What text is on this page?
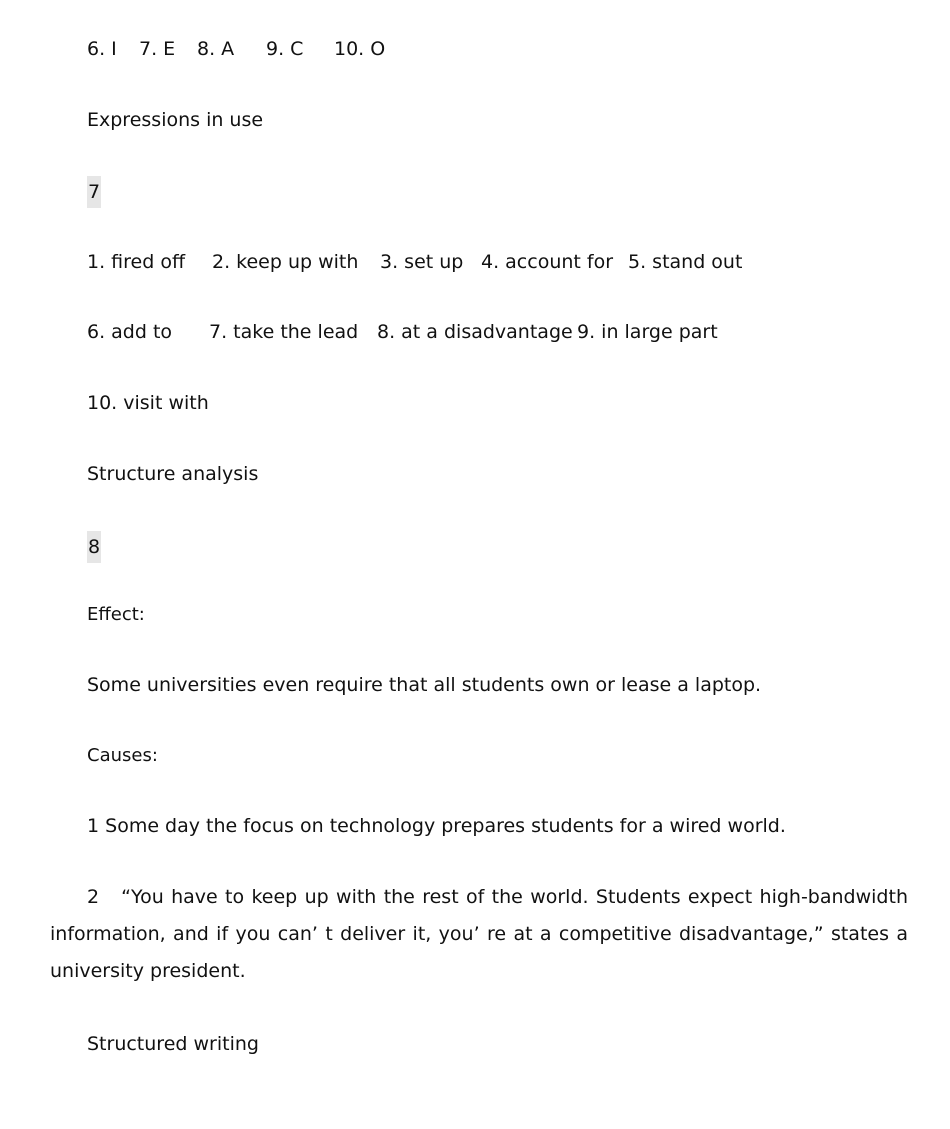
6. I 7. E 8. A 9. C 10. O
Expressions in use
7
1. fired off 2. keep up with 3. set up 4. account for 5. stand out
6. add to 7. take the lead 8. at a disadvantage 9. in large part
10. visit with
Structure analysis
8
Effect:
Some universities even require that all students own or lease a laptop.
Causes:
1 Some day the focus on technology prepares students for a wired world.
2 “You have to keep up with the rest of the world. Students expect high-bandwidth information, and if you can’ t deliver it, you’ re at a competitive disadvantage,” states a university president.
Structured writing
